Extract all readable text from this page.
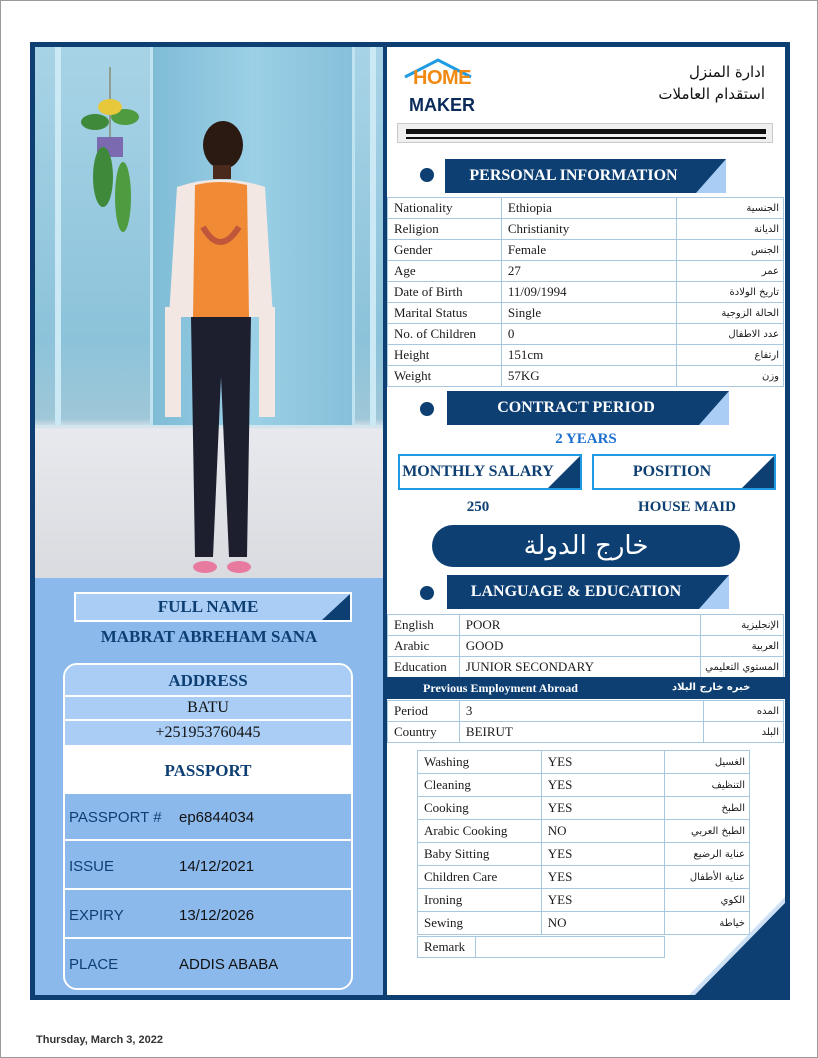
FULL NAME
MABRAT ABREHAM SANA
ADDRESS
BATU
+251953760445
PASSPORT
PASSPORT # ep6844034
ISSUE	14/12/2021
EXPIRY	13/12/2026
PLACE	ADDIS ABABA
HOME
MAKER
ادارة المنزل
استقدام العاملات
PERSONAL INFORMATION
Nationality	Ethiopia	الجنسية
Religion	Christianity	الديانة
Gender	Female	الجنس
Age	27	عمر
Date of Birth	11/09/1994	تاريخ الولادة
Marital Status	Single	الحالة الزوجية
No. of Children	0	عدد الاطفال
Height	151cm	ارتفاع
Weight	57KG	وزن
CONTRACT PERIOD
2 YEARS
MONTHLY SALARY	POSITION
250	HOUSE MAID
خارج الدولة
LANGUAGE & EDUCATION
English	POOR	الإنجليزية
Arabic	GOOD	العربية
Education	JUNIOR SECONDARY	المستوي التعليمي
Previous Employment Abroad	خبره خارج البلاد
Period	3	المده
Country	BEIRUT	البلد
Washing	YES	الغسيل
Cleaning	YES	التنظيف
Cooking	YES	الطبخ
Arabic Cooking	NO	الطبخ العربي
Baby Sitting	YES	عناية الرضيع
Children Care	YES	عناية الأطفال
Ironing	YES	الكوي
Sewing	NO	خياطة
Remark	
Thursday, March 3, 2022
